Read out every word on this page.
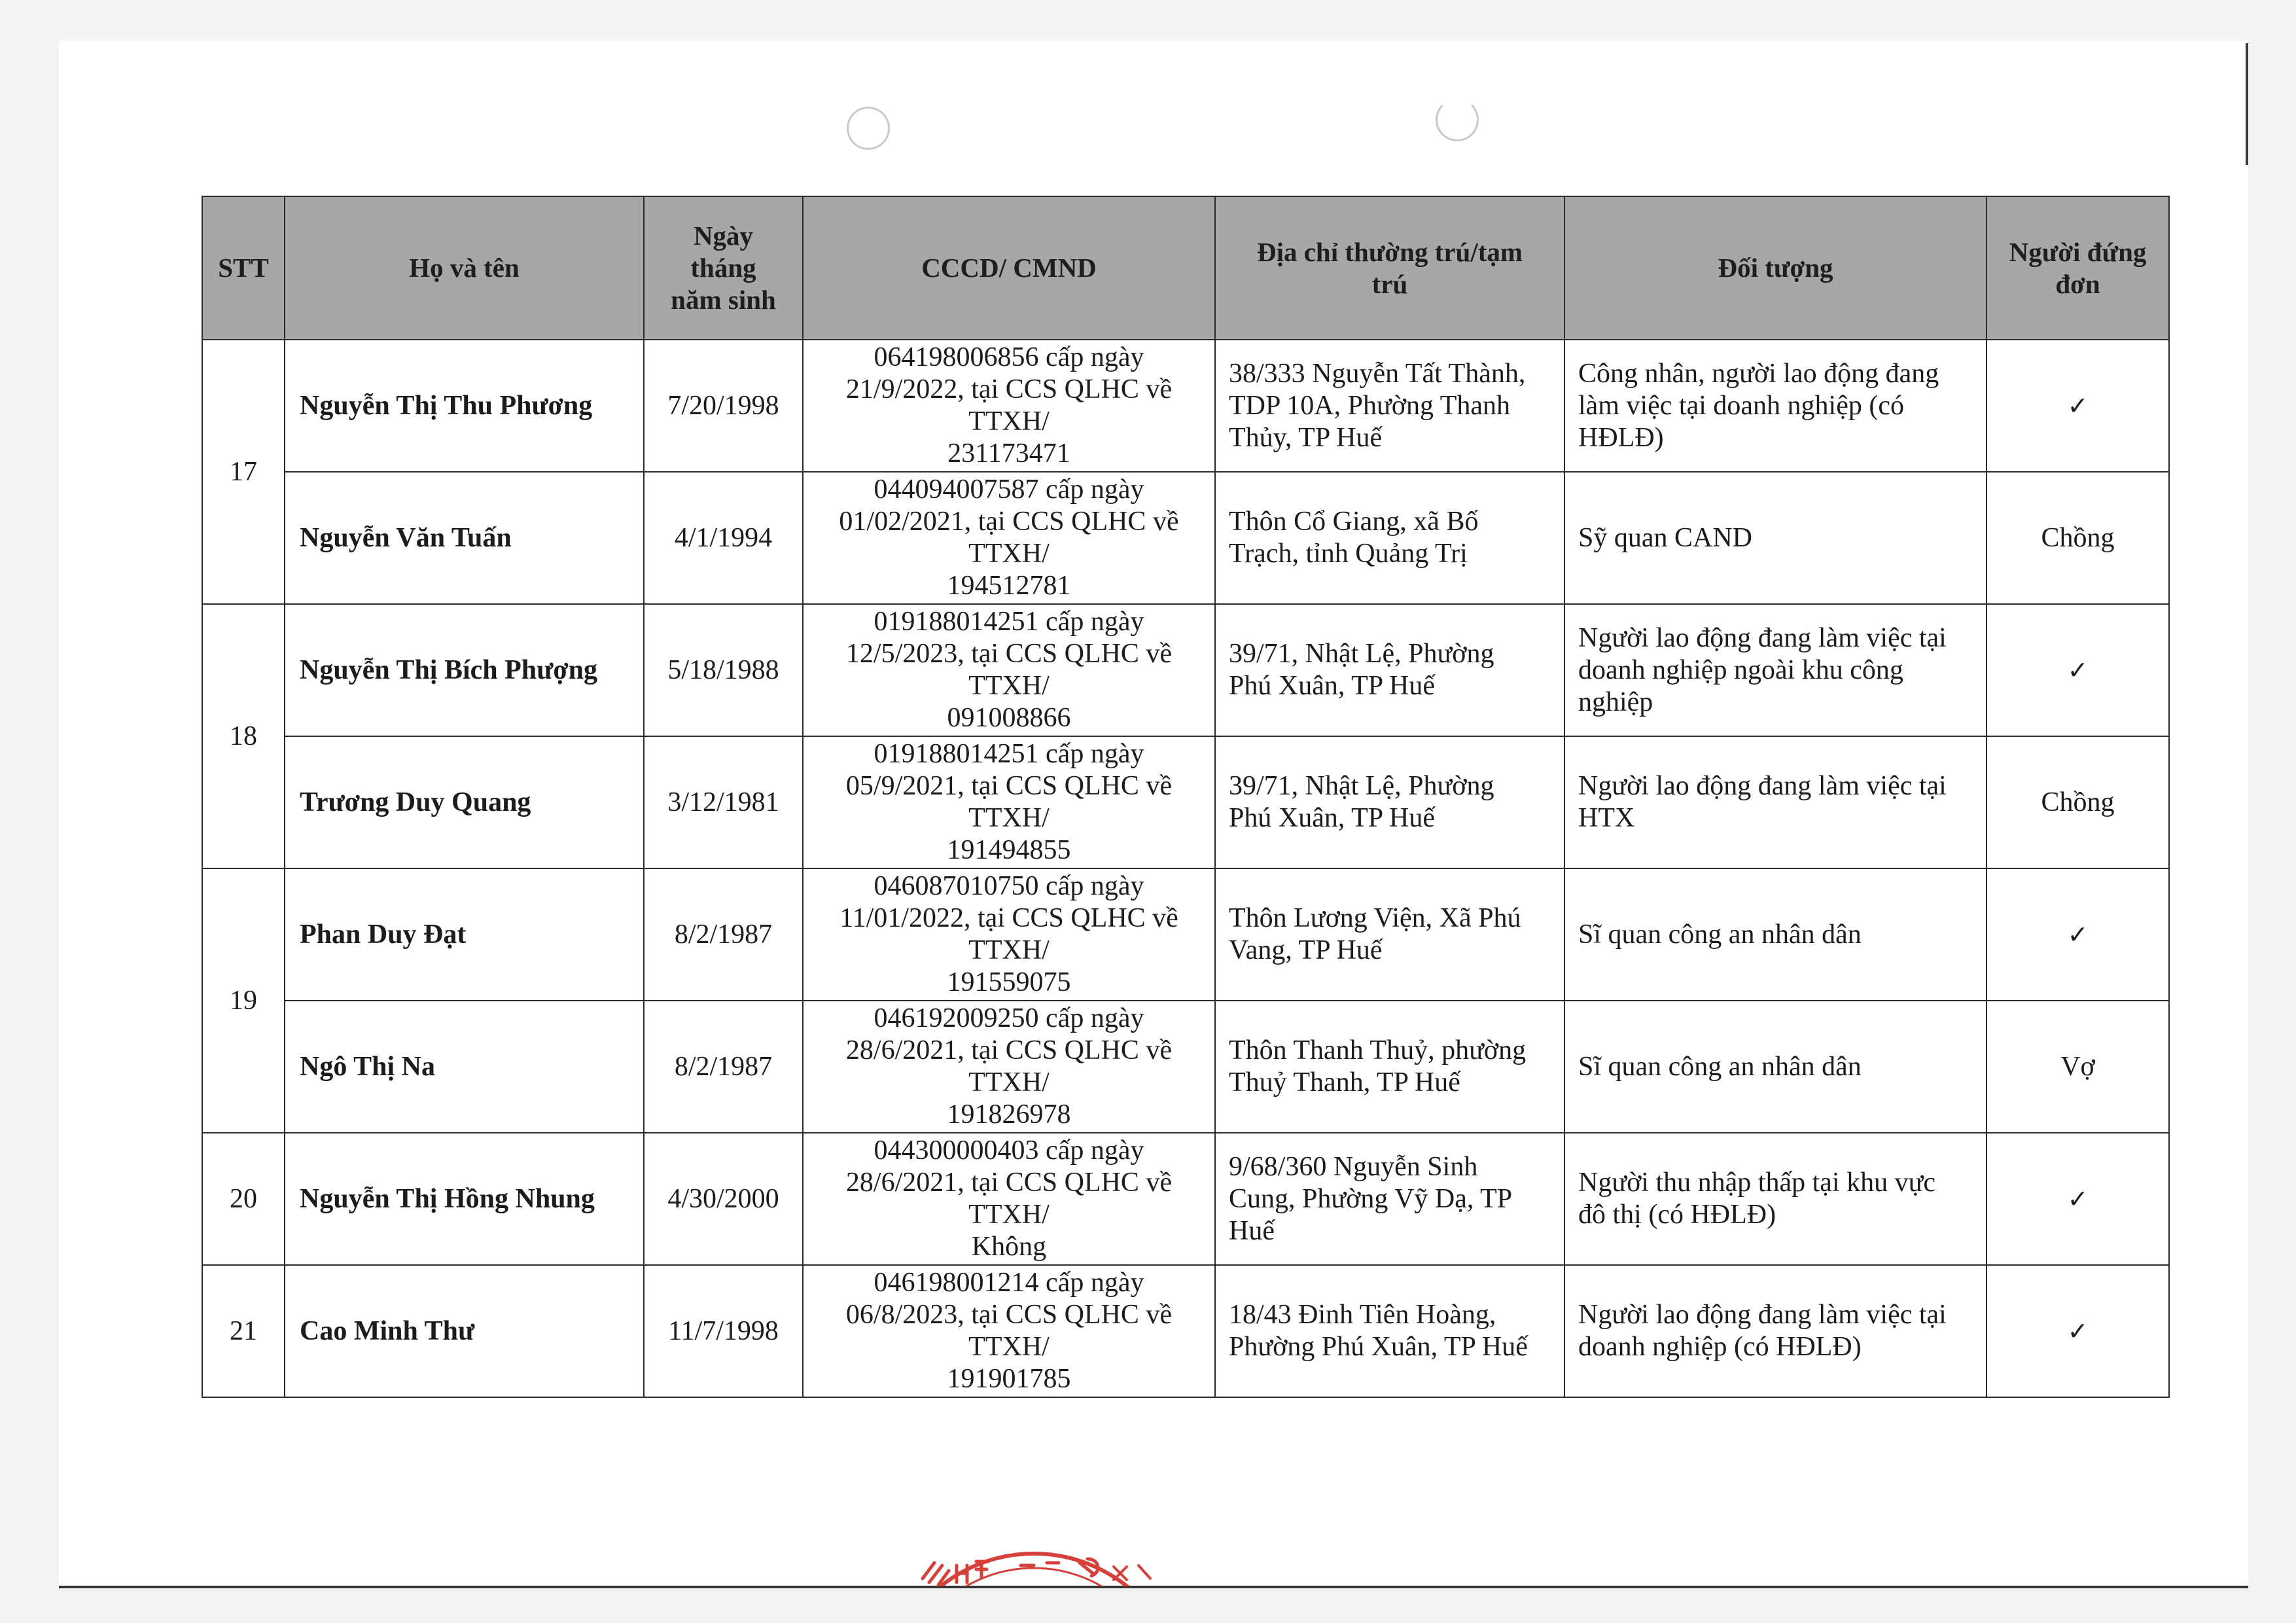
STT	Họ và tên	Ngày
tháng
năm sinh	CCCD/ CMND	Địa chỉ thường trú/tạm
trú	Đối tượng	Người đứng
đơn
17	Nguyễn Thị Thu Phương	7/20/1998	064198006856 cấp ngày
21/9/2022, tại CCS QLHC về
TTXH/
231173471	38/333 Nguyễn Tất Thành,
TDP 10A, Phường Thanh
Thủy, TP Huế	Công nhân, người lao động đang
làm việc tại doanh nghiệp (có
HĐLĐ)	✓
	Nguyễn Văn Tuấn	4/1/1994	044094007587 cấp ngày
01/02/2021, tại CCS QLHC về
TTXH/
194512781	Thôn Cổ Giang, xã Bố
Trạch, tỉnh Quảng Trị	Sỹ quan CAND	Chồng
18	Nguyễn Thị Bích Phượng	5/18/1988	019188014251 cấp ngày
12/5/2023, tại CCS QLHC về
TTXH/
091008866	39/71, Nhật Lệ, Phường
Phú Xuân, TP Huế	Người lao động đang làm việc tại
doanh nghiệp ngoài khu công
nghiệp	✓
	Trương Duy Quang	3/12/1981	019188014251 cấp ngày
05/9/2021, tại CCS QLHC về
TTXH/
191494855	39/71, Nhật Lệ, Phường
Phú Xuân, TP Huế	Người lao động đang làm việc tại
HTX	Chồng
19	Phan Duy Đạt	8/2/1987	046087010750 cấp ngày
11/01/2022, tại CCS QLHC về
TTXH/
191559075	Thôn Lương Viện, Xã Phú
Vang, TP Huế	Sĩ quan công an nhân dân	✓
	Ngô Thị Na	8/2/1987	046192009250 cấp ngày
28/6/2021, tại CCS QLHC về
TTXH/
191826978	Thôn Thanh Thuỷ, phường
Thuỷ Thanh, TP Huế	Sĩ quan công an nhân dân	Vợ
20	Nguyễn Thị Hồng Nhung	4/30/2000	044300000403 cấp ngày
28/6/2021, tại CCS QLHC về
TTXH/
Không	9/68/360 Nguyễn Sinh
Cung, Phường Vỹ Dạ, TP
Huế	Người thu nhập thấp tại khu vực
đô thị (có HĐLĐ)	✓
21	Cao Minh Thư	11/7/1998	046198001214 cấp ngày
06/8/2023, tại CCS QLHC về
TTXH/
191901785	18/43 Đinh Tiên Hoàng,
Phường Phú Xuân, TP Huế	Người lao động đang làm việc tại
doanh nghiệp (có HĐLĐ)	✓
